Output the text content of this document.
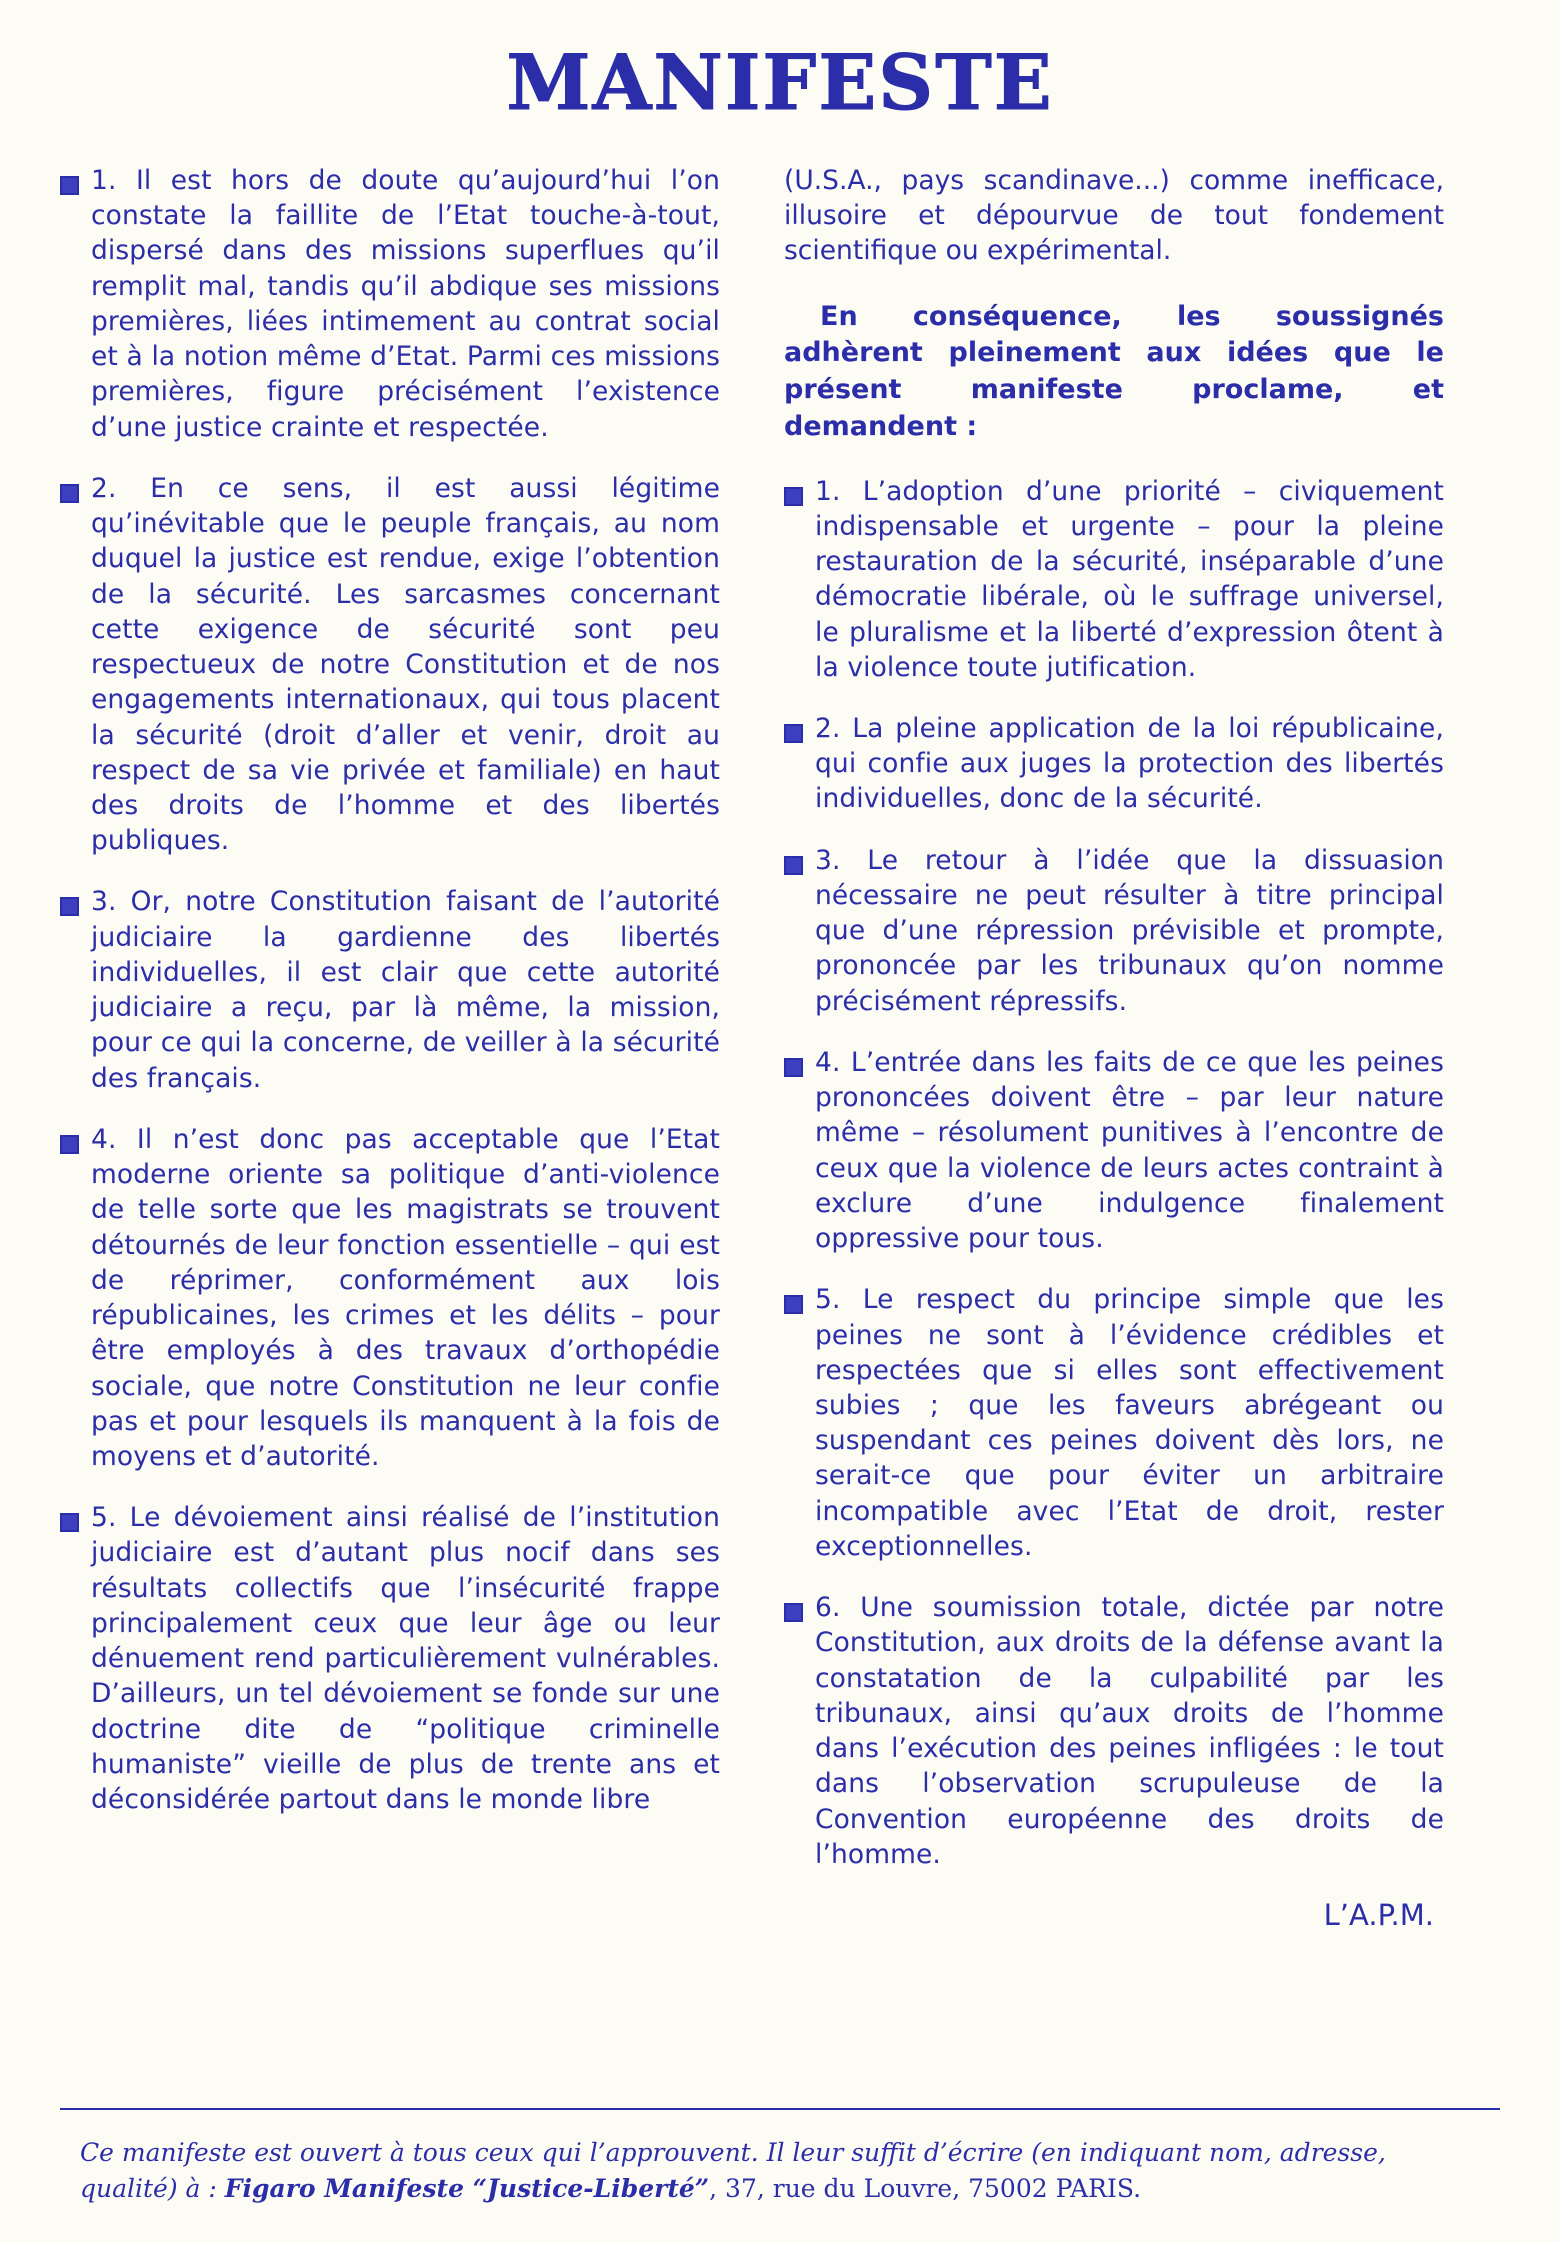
MANIFESTE
1. Il est hors de doute qu’aujourd’hui l’on constate la faillite de l’Etat touche-à-tout, dispersé dans des missions superflues qu’il remplit mal, tandis qu’il abdique ses missions premières, liées intimement au contrat social et à la notion même d’Etat. Parmi ces missions premières, figure précisément l’existence d’une justice crainte et respectée.
2. En ce sens, il est aussi légitime qu’inévitable que le peuple français, au nom duquel la justice est rendue, exige l’obtention de la sécurité. Les sarcasmes concernant cette exigence de sécurité sont peu respectueux de notre Constitution et de nos engagements internationaux, qui tous placent la sécurité (droit d’aller et venir, droit au respect de sa vie privée et familiale) en haut des droits de l’homme et des libertés publiques.
3. Or, notre Constitution faisant de l’autorité judiciaire la gardienne des libertés individuelles, il est clair que cette autorité judiciaire a reçu, par là même, la mission, pour ce qui la concerne, de veiller à la sécurité des français.
4. Il n’est donc pas acceptable que l’Etat moderne oriente sa politique d’anti-violence de telle sorte que les magistrats se trouvent détournés de leur fonction essentielle – qui est de réprimer, conformément aux lois républicaines, les crimes et les délits – pour être employés à des travaux d’orthopédie sociale, que notre Constitution ne leur confie pas et pour lesquels ils manquent à la fois de moyens et d’autorité.
5. Le dévoiement ainsi réalisé de l’institution judiciaire est d’autant plus nocif dans ses résultats collectifs que l’insécurité frappe principalement ceux que leur âge ou leur dénuement rend particulièrement vulnérables. D’ailleurs, un tel dévoiement se fonde sur une doctrine dite de “politique criminelle humaniste” vieille de plus de trente ans et déconsidérée partout dans le monde libre
(U.S.A., pays scandinave...) comme inefficace, illusoire et dépourvue de tout fondement scientifique ou expérimental.
En conséquence, les soussignés adhèrent pleinement aux idées que le présent manifeste proclame, et demandent :
1. L’adoption d’une priorité – civiquement indispensable et urgente – pour la pleine restauration de la sécurité, inséparable d’une démocratie libérale, où le suffrage universel, le pluralisme et la liberté d’expression ôtent à la violence toute jutification.
2. La pleine application de la loi républicaine, qui confie aux juges la protection des libertés individuelles, donc de la sécurité.
3. Le retour à l’idée que la dissuasion nécessaire ne peut résulter à titre principal que d’une répression prévisible et prompte, prononcée par les tribunaux qu’on nomme précisément répressifs.
4. L’entrée dans les faits de ce que les peines prononcées doivent être – par leur nature même – résolument punitives à l’encontre de ceux que la violence de leurs actes contraint à exclure d’une indulgence finalement oppressive pour tous.
5. Le respect du principe simple que les peines ne sont à l’évidence crédibles et respectées que si elles sont effectivement subies ; que les faveurs abrégeant ou suspendant ces peines doivent dès lors, ne serait-ce que pour éviter un arbitraire incompatible avec l’Etat de droit, rester exceptionnelles.
6. Une soumission totale, dictée par notre Constitution, aux droits de la défense avant la constatation de la culpabilité par les tribunaux, ainsi qu’aux droits de l’homme dans l’exécution des peines infligées : le tout dans l’observation scrupuleuse de la Convention européenne des droits de l’homme.
L’A.P.M.
Ce manifeste est ouvert à tous ceux qui l’approuvent. Il leur suffit d’écrire (en indiquant nom, adresse,
qualité) à : Figaro Manifeste “Justice-Liberté”, 37, rue du Louvre, 75002 PARIS.
